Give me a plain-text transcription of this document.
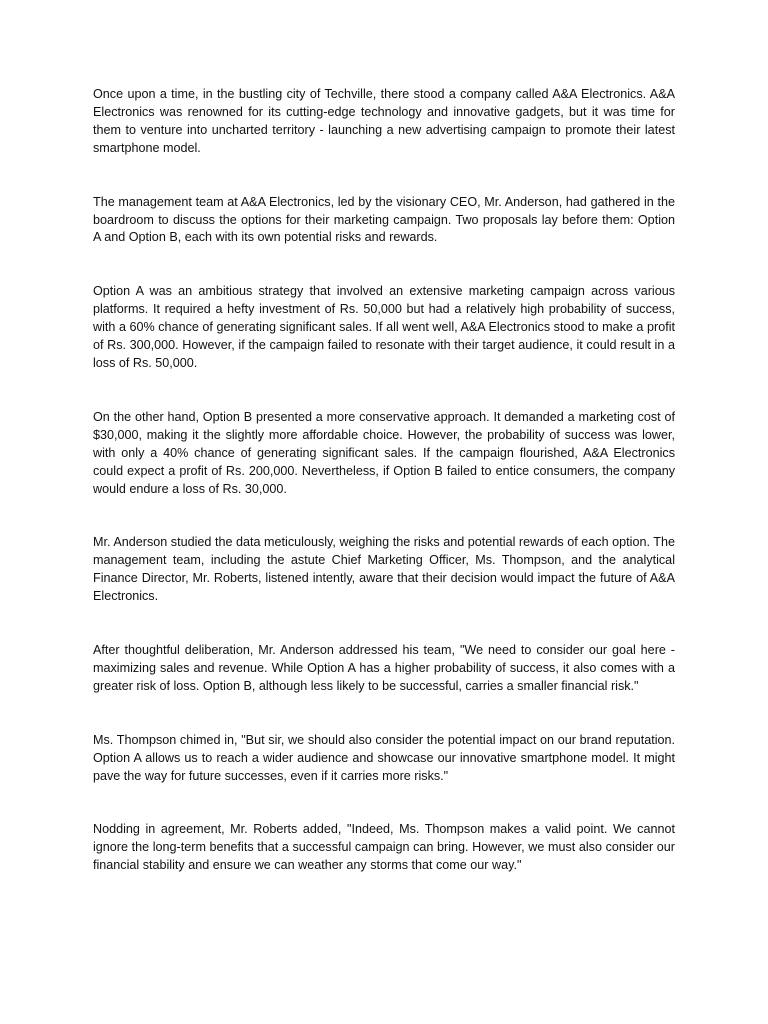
Once upon a time, in the bustling city of Techville, there stood a company called A&A Electronics. A&A Electronics was renowned for its cutting-edge technology and innovative gadgets, but it was time for them to venture into uncharted territory - launching a new advertising campaign to promote their latest smartphone model.

The management team at A&A Electronics, led by the visionary CEO, Mr. Anderson, had gathered in the boardroom to discuss the options for their marketing campaign. Two proposals lay before them: Option A and Option B, each with its own potential risks and rewards.

Option A was an ambitious strategy that involved an extensive marketing campaign across various platforms. It required a hefty investment of Rs. 50,000 but had a relatively high probability of success, with a 60% chance of generating significant sales. If all went well, A&A Electronics stood to make a profit of Rs. 300,000. However, if the campaign failed to resonate with their target audience, it could result in a loss of Rs. 50,000.

On the other hand, Option B presented a more conservative approach. It demanded a marketing cost of $30,000, making it the slightly more affordable choice. However, the probability of success was lower, with only a 40% chance of generating significant sales. If the campaign flourished, A&A Electronics could expect a profit of Rs. 200,000. Nevertheless, if Option B failed to entice consumers, the company would endure a loss of Rs. 30,000.

Mr. Anderson studied the data meticulously, weighing the risks and potential rewards of each option. The management team, including the astute Chief Marketing Officer, Ms. Thompson, and the analytical Finance Director, Mr. Roberts, listened intently, aware that their decision would impact the future of A&A Electronics.

After thoughtful deliberation, Mr. Anderson addressed his team, "We need to consider our goal here - maximizing sales and revenue. While Option A has a higher probability of success, it also comes with a greater risk of loss. Option B, although less likely to be successful, carries a smaller financial risk."

Ms. Thompson chimed in, "But sir, we should also consider the potential impact on our brand reputation. Option A allows us to reach a wider audience and showcase our innovative smartphone model. It might pave the way for future successes, even if it carries more risks."

Nodding in agreement, Mr. Roberts added, "Indeed, Ms. Thompson makes a valid point. We cannot ignore the long-term benefits that a successful campaign can bring. However, we must also consider our financial stability and ensure we can weather any storms that come our way."
